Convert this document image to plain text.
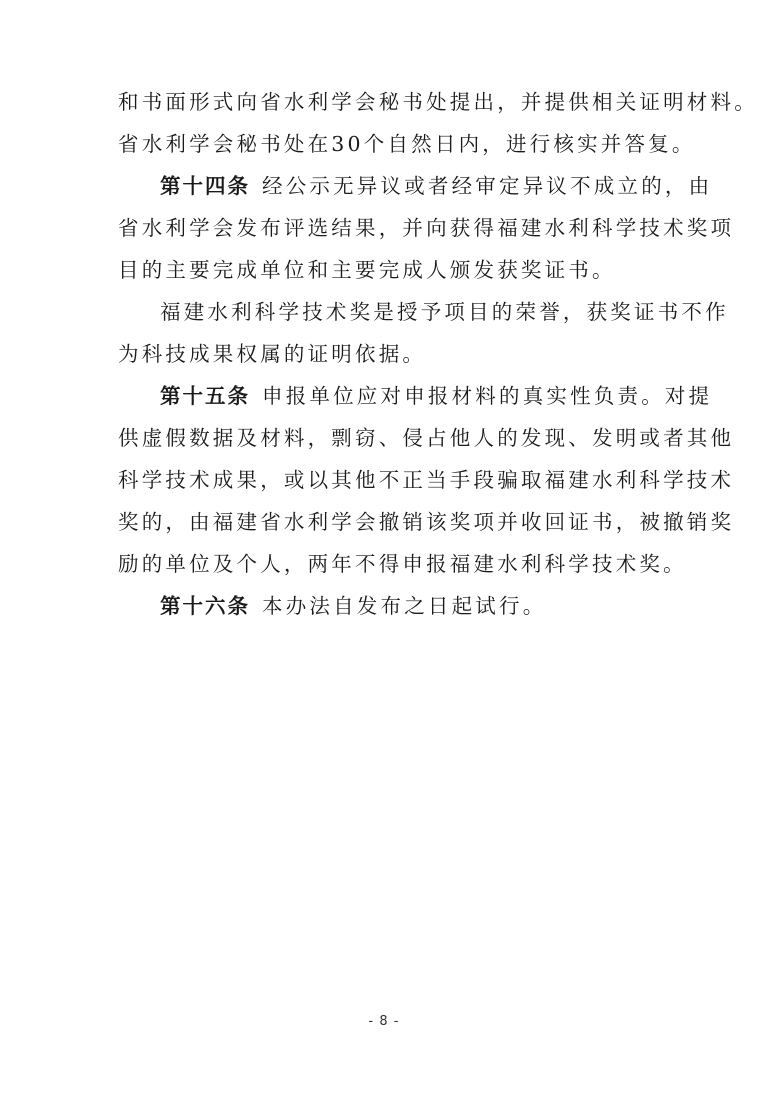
和书面形式向省水利学会秘书处提出，并提供相关证明材料。
省水利学会秘书处在30个自然日内，进行核实并答复。
第十四条 经公示无异议或者经审定异议不成立的，由
省水利学会发布评选结果，并向获得福建水利科学技术奖项
目的主要完成单位和主要完成人颁发获奖证书。
福建水利科学技术奖是授予项目的荣誉，获奖证书不作
为科技成果权属的证明依据。
第十五条 申报单位应对申报材料的真实性负责。对提
供虚假数据及材料，剽窃、侵占他人的发现、发明或者其他
科学技术成果，或以其他不正当手段骗取福建水利科学技术
奖的，由福建省水利学会撤销该奖项并收回证书，被撤销奖
励的单位及个人，两年不得申报福建水利科学技术奖。
第十六条 本办法自发布之日起试行。
- 8 -
